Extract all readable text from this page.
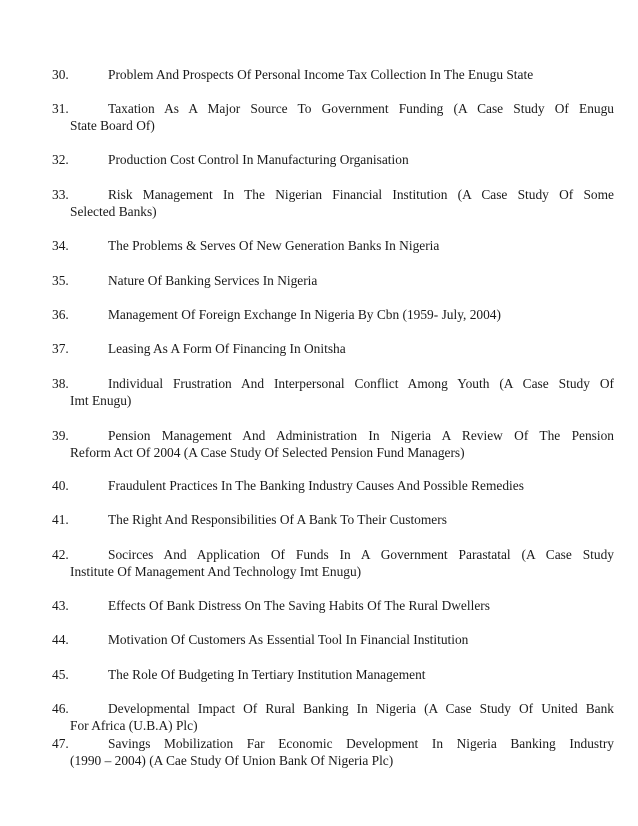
30.	Problem And Prospects Of Personal Income Tax Collection In The Enugu State
31.	Taxation As A Major Source To Government Funding (A Case Study Of Enugu
State Board Of)
32.	Production Cost Control In Manufacturing Organisation
33.	Risk Management In The Nigerian Financial Institution (A Case Study Of Some
Selected Banks)
34.	The Problems & Serves Of New Generation Banks In Nigeria
35.	Nature Of Banking Services In Nigeria
36.	Management Of Foreign Exchange In Nigeria By Cbn (1959- July, 2004)
37.	Leasing As A Form Of Financing In Onitsha
38.	Individual Frustration And Interpersonal Conflict Among Youth (A Case Study Of
Imt Enugu)
39.	Pension Management And Administration In Nigeria A Review Of The Pension
Reform Act Of 2004 (A Case Study Of Selected Pension Fund Managers)
40.	Fraudulent Practices In The Banking Industry Causes And Possible Remedies
41.	The Right And Responsibilities Of A Bank To Their Customers
42.	Socirces And Application Of Funds In A Government Parastatal (A Case Study
Institute Of Management And Technology Imt Enugu)
43.	Effects Of Bank Distress On The Saving Habits Of The Rural Dwellers
44.	Motivation Of Customers As Essential Tool In Financial Institution
45.	The Role Of Budgeting In Tertiary Institution Management
46.	Developmental Impact Of Rural Banking In Nigeria (A Case Study Of United Bank
For Africa (U.B.A) Plc)
47.	Savings Mobilization Far Economic Development In Nigeria Banking Industry
(1990 – 2004) (A Cae Study Of Union Bank Of Nigeria Plc)
